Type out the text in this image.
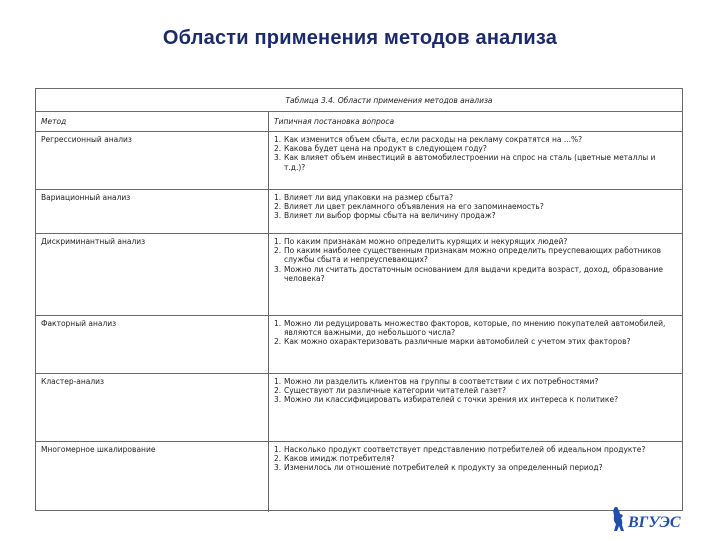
Области применения методов анализа
Таблица 3.4. Области применения методов анализа
Метод	Типичная постановка вопроса
Регрессионный анализ	1. Как изменится объем сбыта, если расходы на рекламу сократятся на ...%?
2. Какова будет цена на продукт в следующем году?
3. Как влияет объем инвестиций в автомобилестроении на спрос на сталь (цветные металлы и т.д.)?
Вариационный анализ	1. Влияет ли вид упаковки на размер сбыта?
2. Влияет ли цвет рекламного объявления на его запоминаемость?
3. Влияет ли выбор формы сбыта на величину продаж?
Дискриминантный анализ	1. По каким признакам можно определить курящих и некурящих людей?
2. По каким наиболее существенным признакам можно определить преуспевающих работников службы сбыта и непреуспевающих?
3. Можно ли считать достаточным основанием для выдачи кредита возраст, доход, образование человека?
Факторный анализ	1. Можно ли редуцировать множество факторов, которые, по мнению покупателей автомобилей, являются важными, до небольшого числа?
2. Как можно охарактеризовать различные марки автомобилей с учетом этих факторов?
Кластер-анализ	1. Можно ли разделить клиентов на группы в соответствии с их потребностями?
2. Существуют ли различные категории читателей газет?
3. Можно ли классифицировать избирателей с точки зрения их интереса к политике?
Многомерное шкалирование	1. Насколько продукт соответствует представлению потребителей об идеальном продукте?
2. Каков имидж потребителя?
3. Изменилось ли отношение потребителей к продукту за определенный период?
ВГУЭС
